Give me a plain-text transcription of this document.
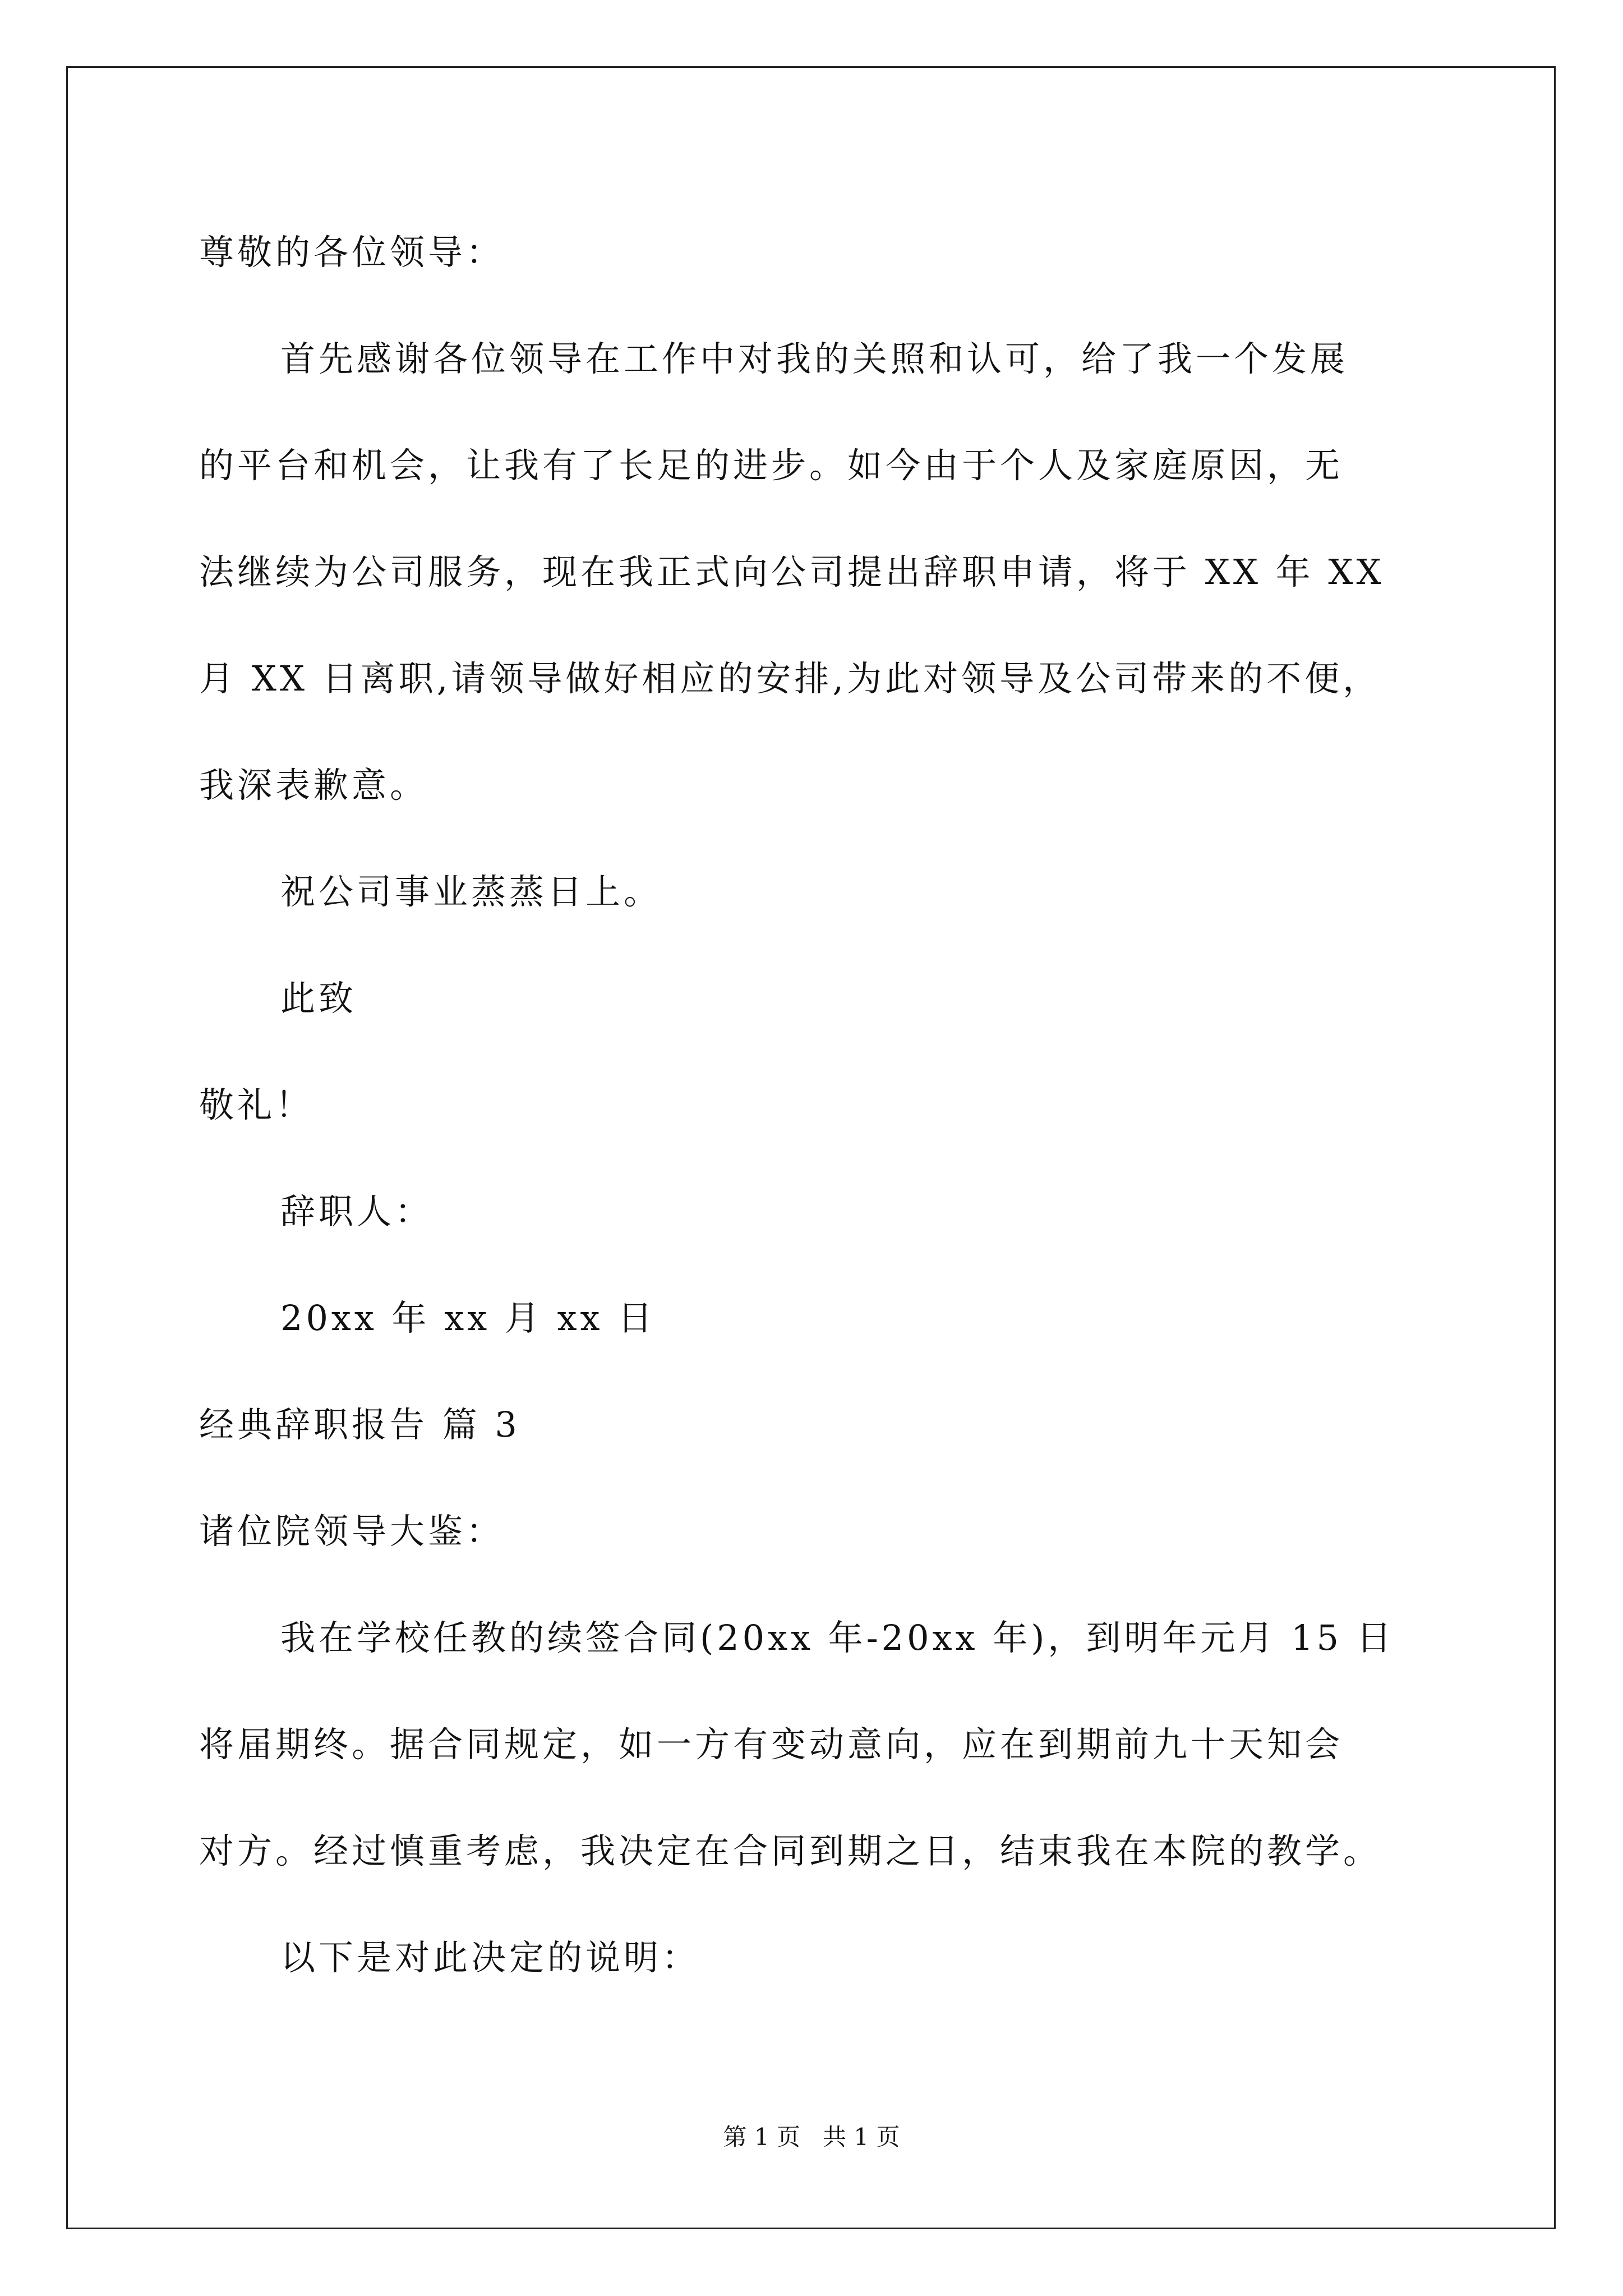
尊敬的各位领导：
首先感谢各位领导在工作中对我的关照和认可，给了我一个发展
的平台和机会，让我有了长足的进步。如今由于个人及家庭原因，无
法继续为公司服务，现在我正式向公司提出辞职申请，将于 XX 年 XX
月 XX 日离职,请领导做好相应的安排,为此对领导及公司带来的不便，
我深表歉意。
祝公司事业蒸蒸日上。
此致
敬礼！
辞职人：
20xx 年 xx 月 xx 日
经典辞职报告 篇 3
诸位院领导大鉴：
我在学校任教的续签合同(20xx 年-20xx 年)，到明年元月 15 日
将届期终。据合同规定，如一方有变动意向，应在到期前九十天知会
对方。经过慎重考虑，我决定在合同到期之日，结束我在本院的教学。
以下是对此决定的说明：
第 1 页   共 1 页
